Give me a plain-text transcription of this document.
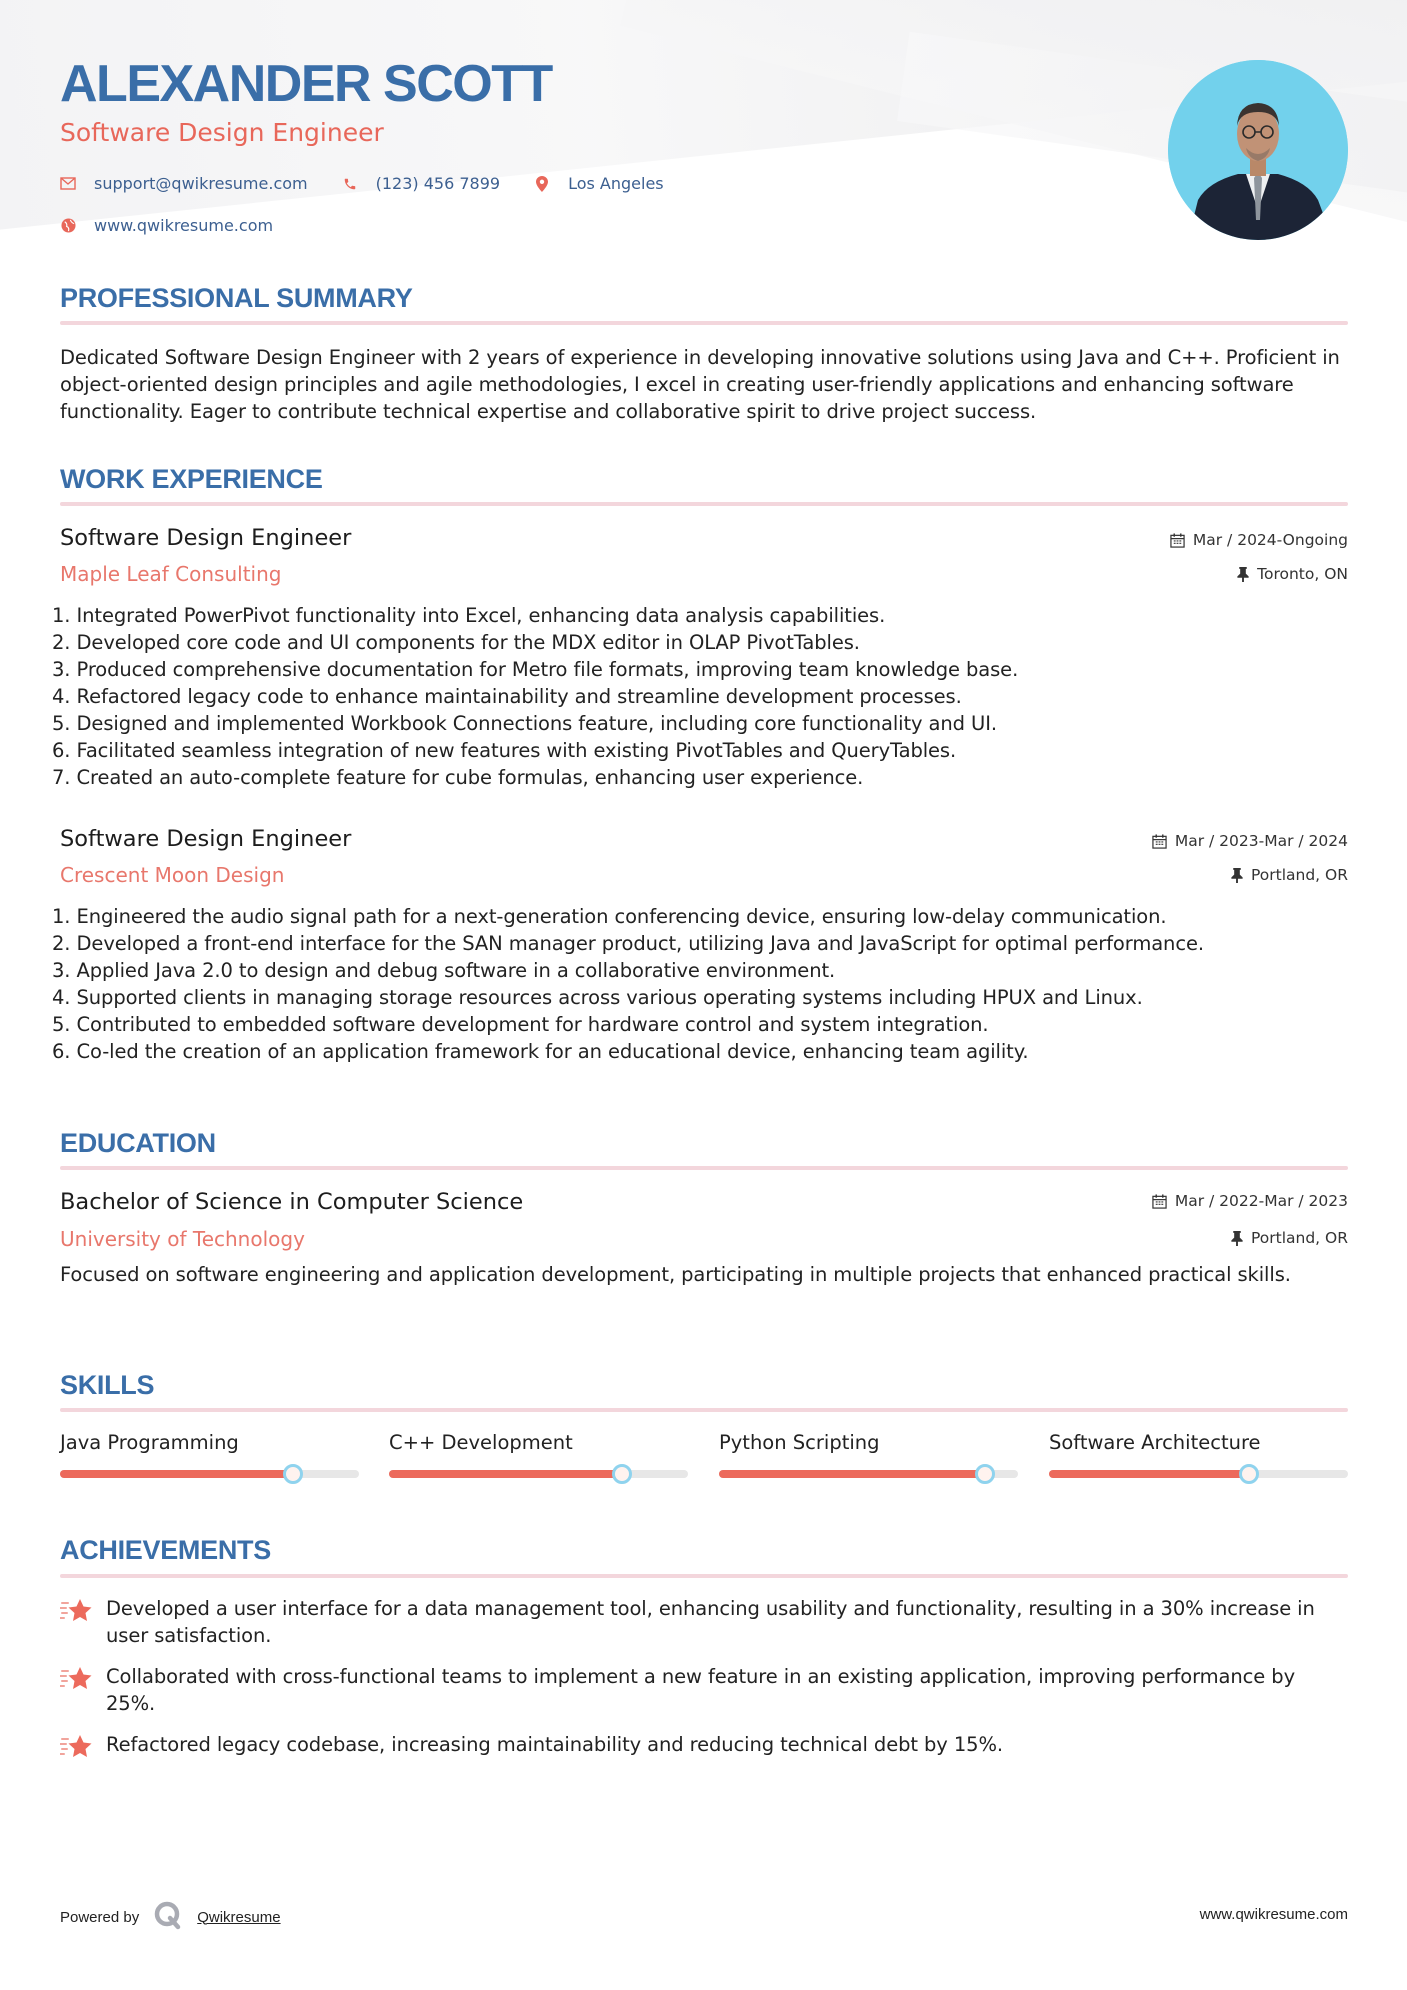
ALEXANDER SCOTT
Software Design Engineer
support@qwikresume.com	(123) 456 7899	Los Angeles
www.qwikresume.com
PROFESSIONAL SUMMARY
Dedicated Software Design Engineer with 2 years of experience in developing innovative solutions using Java and C++. Proficient in object-oriented design principles and agile methodologies, I excel in creating user-friendly applications and enhancing software functionality. Eager to contribute technical expertise and collaborative spirit to drive project success.
WORK EXPERIENCE
Software Design Engineer	Mar / 2024-Ongoing
Maple Leaf Consulting	Toronto, ON
1. Integrated PowerPivot functionality into Excel, enhancing data analysis capabilities.
2. Developed core code and UI components for the MDX editor in OLAP PivotTables.
3. Produced comprehensive documentation for Metro file formats, improving team knowledge base.
4. Refactored legacy code to enhance maintainability and streamline development processes.
5. Designed and implemented Workbook Connections feature, including core functionality and UI.
6. Facilitated seamless integration of new features with existing PivotTables and QueryTables.
7. Created an auto-complete feature for cube formulas, enhancing user experience.
Software Design Engineer	Mar / 2023-Mar / 2024
Crescent Moon Design	Portland, OR
1. Engineered the audio signal path for a next-generation conferencing device, ensuring low-delay communication.
2. Developed a front-end interface for the SAN manager product, utilizing Java and JavaScript for optimal performance.
3. Applied Java 2.0 to design and debug software in a collaborative environment.
4. Supported clients in managing storage resources across various operating systems including HPUX and Linux.
5. Contributed to embedded software development for hardware control and system integration.
6. Co-led the creation of an application framework for an educational device, enhancing team agility.
EDUCATION
Bachelor of Science in Computer Science	Mar / 2022-Mar / 2023
University of Technology	Portland, OR
Focused on software engineering and application development, participating in multiple projects that enhanced practical skills.
SKILLS
Java Programming	C++ Development	Python Scripting	Software Architecture
ACHIEVEMENTS
Developed a user interface for a data management tool, enhancing usability and functionality, resulting in a 30% increase in user satisfaction.
Collaborated with cross-functional teams to implement a new feature in an existing application, improving performance by 25%.
Refactored legacy codebase, increasing maintainability and reducing technical debt by 15%.
Powered by	Qwikresume	www.qwikresume.com
